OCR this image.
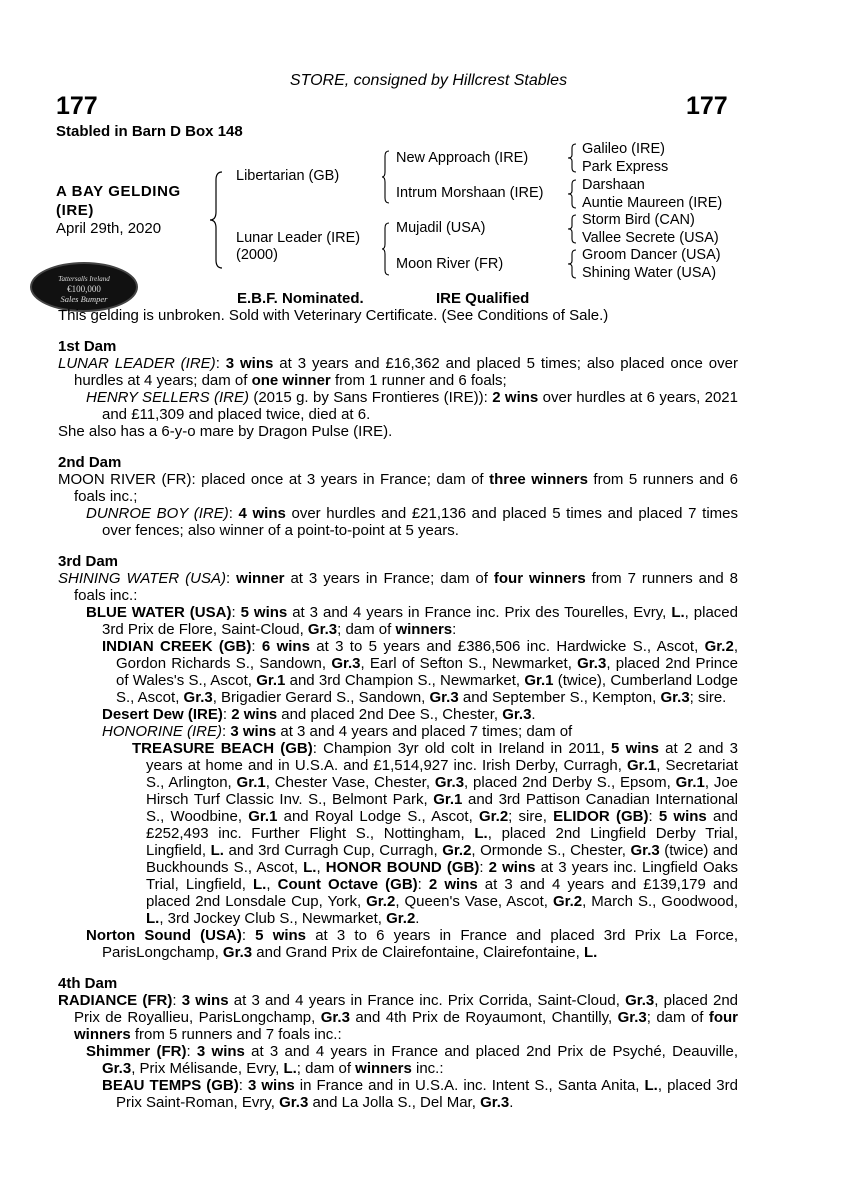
STORE, consigned by Hillcrest Stables
177	177
Stabled in Barn D Box 148
A BAY GELDING
(IRE)
April 29th, 2020
Libertarian (GB)
Lunar Leader (IRE)
(2000)
New Approach (IRE)
Intrum Morshaan (IRE)
Mujadil (USA)
Moon River (FR)
Galileo (IRE)
Park Express
Darshaan
Auntie Maureen (IRE)
Storm Bird (CAN)
Vallee Secrete (USA)
Groom Dancer (USA)
Shining Water (USA)
Tattersalls Ireland
€100,000
Sales Bumper	E.B.F. Nominated.	IRE Qualified
This gelding is unbroken. Sold with Veterinary Certificate. (See Conditions of Sale.)

1st Dam

LUNAR LEADER (IRE): 3 wins at 3 years and £16,362 and placed 5 times; also placed once over hurdles at 4 years; dam of one winner from 1 runner and 6 foals;

HENRY SELLERS (IRE) (2015 g. by Sans Frontieres (IRE)): 2 wins over hurdles at 6 years, 2021 and £11,309 and placed twice, died at 6.

She also has a 6-y-o mare by Dragon Pulse (IRE).

2nd Dam

MOON RIVER (FR): placed once at 3 years in France; dam of three winners from 5 runners and 6 foals inc.;

DUNROE BOY (IRE): 4 wins over hurdles and £21,136 and placed 5 times and placed 7 times over fences; also winner of a point-to-point at 5 years.

3rd Dam

SHINING WATER (USA): winner at 3 years in France; dam of four winners from 7 runners and 8 foals inc.:

BLUE WATER (USA): 5 wins at 3 and 4 years in France inc. Prix des Tourelles, Evry, L., placed 3rd Prix de Flore, Saint-Cloud, Gr.3; dam of winners:

INDIAN CREEK (GB): 6 wins at 3 to 5 years and £386,506 inc. Hardwicke S., Ascot, Gr.2, Gordon Richards S., Sandown, Gr.3, Earl of Sefton S., Newmarket, Gr.3, placed 2nd Prince of Wales's S., Ascot, Gr.1 and 3rd Champion S., Newmarket, Gr.1 (twice), Cumberland Lodge S., Ascot, Gr.3, Brigadier Gerard S., Sandown, Gr.3 and September S., Kempton, Gr.3; sire.

Desert Dew (IRE): 2 wins and placed 2nd Dee S., Chester, Gr.3.

HONORINE (IRE): 3 wins at 3 and 4 years and placed 7 times; dam of

TREASURE BEACH (GB): Champion 3yr old colt in Ireland in 2011, 5 wins at 2 and 3 years at home and in U.S.A. and £1,514,927 inc. Irish Derby, Curragh, Gr.1, Secretariat S., Arlington, Gr.1, Chester Vase, Chester, Gr.3, placed 2nd Derby S., Epsom, Gr.1, Joe Hirsch Turf Classic Inv. S., Belmont Park, Gr.1 and 3rd Pattison Canadian International S., Woodbine, Gr.1 and Royal Lodge S., Ascot, Gr.2; sire, ELIDOR (GB): 5 wins and £252,493 inc. Further Flight S., Nottingham, L., placed 2nd Lingfield Derby Trial, Lingfield, L. and 3rd Curragh Cup, Curragh, Gr.2, Ormonde S., Chester, Gr.3 (twice) and Buckhounds S., Ascot, L., HONOR BOUND (GB): 2 wins at 3 years inc. Lingfield Oaks Trial, Lingfield, L., Count Octave (GB): 2 wins at 3 and 4 years and £139,179 and placed 2nd Lonsdale Cup, York, Gr.2, Queen's Vase, Ascot, Gr.2, March S., Goodwood, L., 3rd Jockey Club S., Newmarket, Gr.2.

Norton Sound (USA): 5 wins at 3 to 6 years in France and placed 3rd Prix La Force, ParisLongchamp, Gr.3 and Grand Prix de Clairefontaine, Clairefontaine, L.

4th Dam

RADIANCE (FR): 3 wins at 3 and 4 years in France inc. Prix Corrida, Saint-Cloud, Gr.3, placed 2nd Prix de Royallieu, ParisLongchamp, Gr.3 and 4th Prix de Royaumont, Chantilly, Gr.3; dam of four winners from 5 runners and 7 foals inc.:

Shimmer (FR): 3 wins at 3 and 4 years in France and placed 2nd Prix de Psyché, Deauville, Gr.3, Prix Mélisande, Evry, L.; dam of winners inc.:

BEAU TEMPS (GB): 3 wins in France and in U.S.A. inc. Intent S., Santa Anita, L., placed 3rd Prix Saint-Roman, Evry, Gr.3 and La Jolla S., Del Mar, Gr.3.
